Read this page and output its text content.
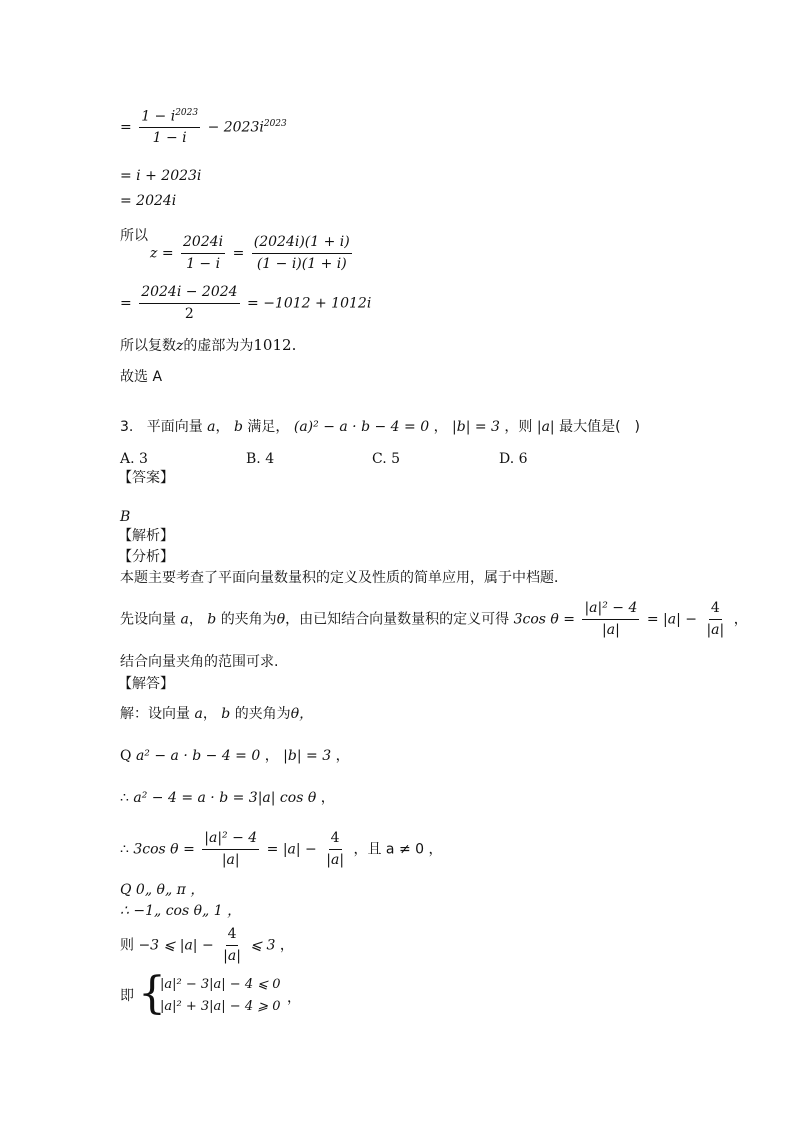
= $\frac{1 - i^{2023}}{1 - i} - 2023i^{2023}$
= i + 2023i
= 2024i
所以
$z = \frac{2024i}{1 - i} = \frac{(2024i)(1 + i)}{(1 - i)(1 + i)}$
= $\frac{2024i - 2024}{2} = -1012 + 1012i$
所以复数z的虚部为为1012.
故选 A
3. 平面向量 a， b 满足， (a)² − a · b − 4 = 0 ， |b| = 3 ，则 |a| 最大值是(　)
A. 3	B. 4	C. 5	D. 6
【答案】
B
【解析】
【分析】
本题主要考查了平面向量数量积的定义及性质的简单应用，属于中档题．
先设向量 a， b 的夹角为θ，由已知结合向量数量积的定义可得 3cos $\theta = \frac{\text{|a|² − 4}}{|a|} = |a| - \frac{4}{|a|}$ ，
结合向量夹角的范围可求.
【解答】
解：设向量 a， b 的夹角为θ，
Q a² − a · b − 4 = 0 ， |b| = 3 ，
∴ a² − 4 = a · b = 3|a| cos θ ，
∴ 3cos $\theta = \frac{\text{|a|² − 4}}{|a|} = |a| - \frac{4}{|a|}$ ，且 a ≠ 0 ，
Q 0„ θ„ π ，
∴ −1„ cos θ„ 1 ，
则 −3 ⩽ $|a| - \frac{4}{|a|}$ ⩽ 3 ，
即 {
|a|² − 3|a| − 4 ⩽ 0
|a|² + 3|a| − 4 ⩾ 0
，
